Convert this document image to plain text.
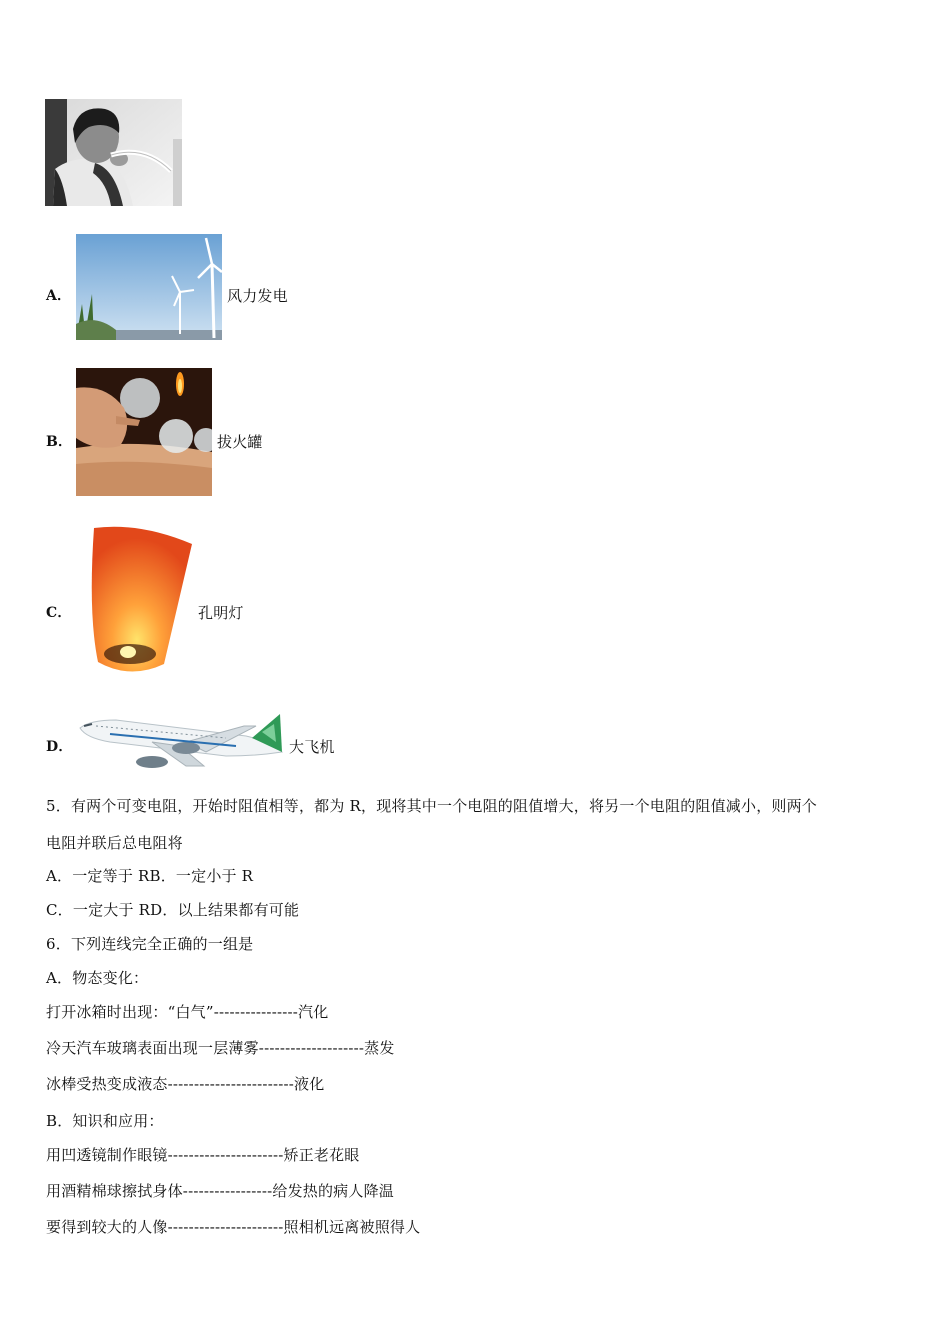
A．	风力发电
B．	拔火罐
C．	孔明灯
D．	大飞机
5．有两个可变电阻，开始时阻值相等，都为 R，现将其中一个电阻的阻值增大，将另一个电阻的阻值减小，则两个
电阻并联后总电阻将
A．一定等于 RB．一定小于 R
C．一定大于 RD．以上结果都有可能
6．下列连线完全正确的一组是
A．物态变化：
打开冰箱时出现：“白气”----------------汽化
冷天汽车玻璃表面出现一层薄雾--------------------蒸发
冰棒受热变成液态------------------------液化
B．知识和应用：
用凹透镜制作眼镜----------------------矫正老花眼
用酒精棉球擦拭身体-----------------给发热的病人降温
要得到较大的人像----------------------照相机远离被照得人
